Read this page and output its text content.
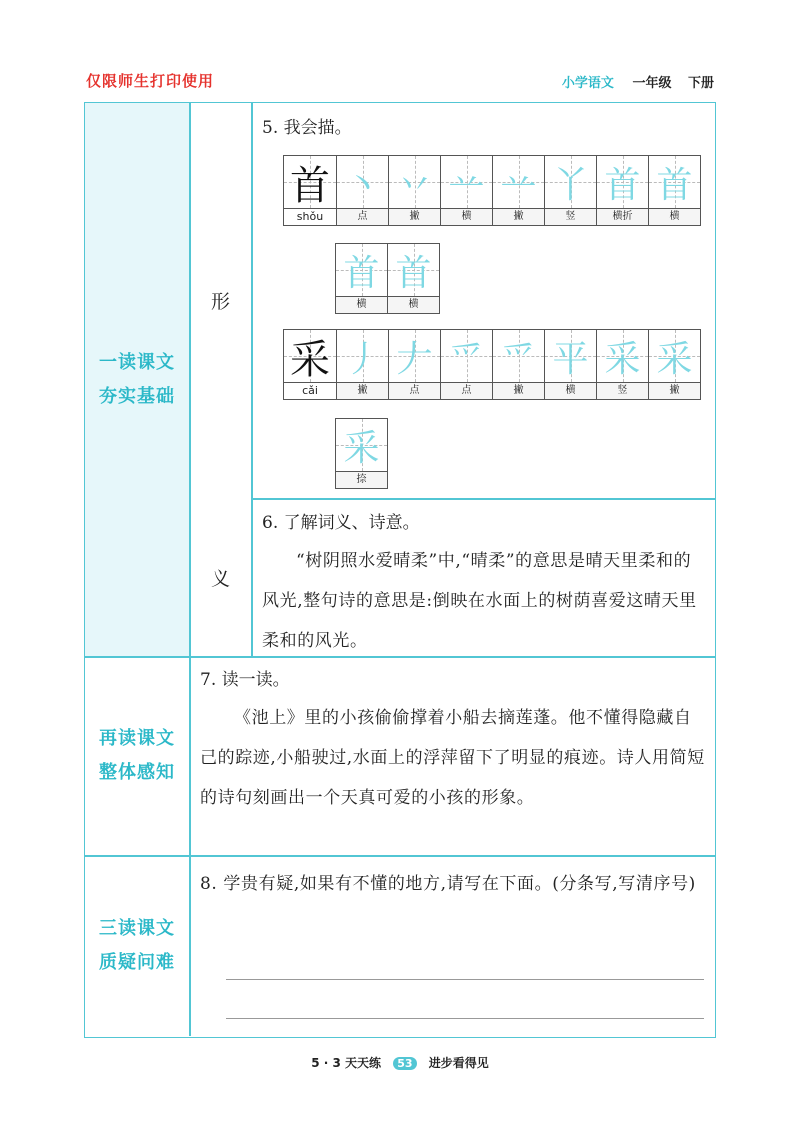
仅限师生打印使用	小学语文 一年级 下册
一读课文
夯实基础
再读课文
整体感知
三读课文
质疑问难
形
义
5. 我会描。
首
shǒu
丶
点
丷
撇
䒑
横
䒑
撇
丫
竖
首
横折
首
横
首
横
首
横
采
cǎi
丿
撇
𠂇
点
爫
点
爫
撇
平
横
采
竖
采
撇
采
捺
6. 了解词义、诗意。
“树阴照水爱晴柔”中,“晴柔”的意思是晴天里柔和的风光,整句诗的意思是:倒映在水面上的树荫喜爱这晴天里柔和的风光。
7. 读一读。
《池上》里的小孩偷偷撑着小船去摘莲蓬。他不懂得隐藏自己的踪迹,小船驶过,水面上的浮萍留下了明显的痕迹。诗人用简短的诗句刻画出一个天真可爱的小孩的形象。
8. 学贵有疑,如果有不懂的地方,请写在下面。(分条写,写清序号)
5 · 3 天天练 53 进步看得见
